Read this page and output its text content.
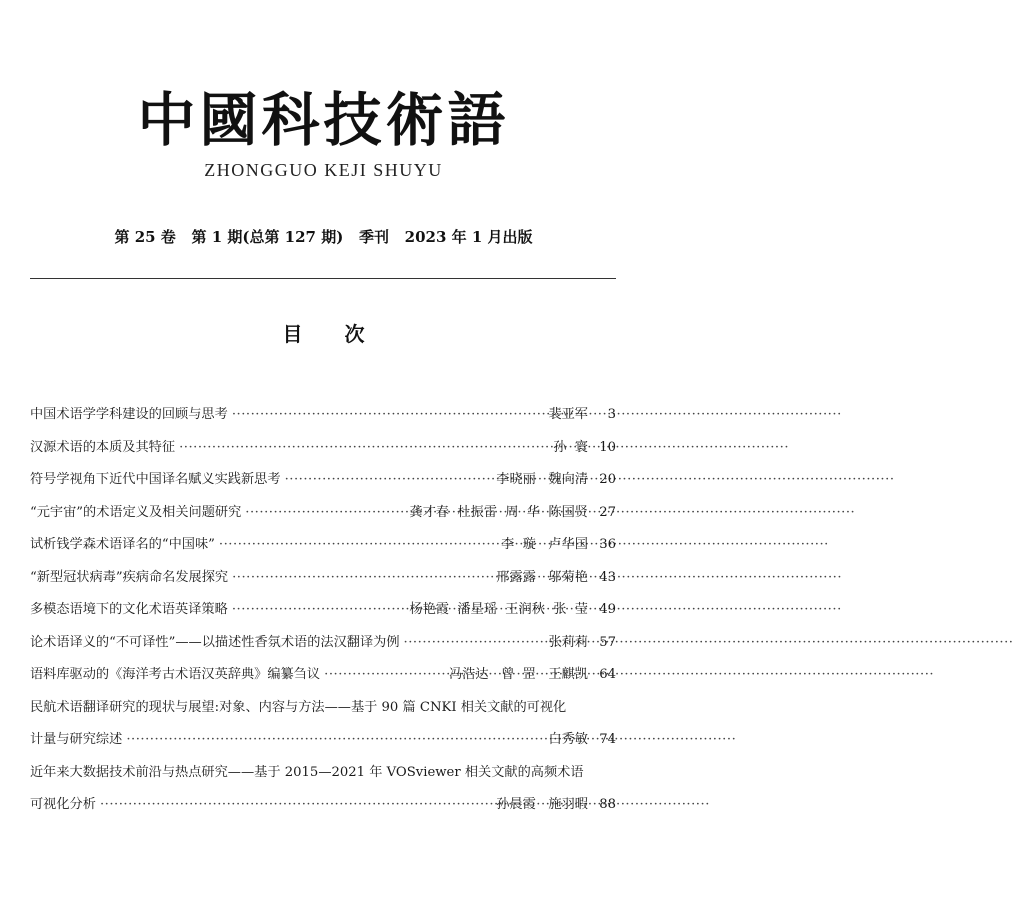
中國科技術語
ZHONGGUO KEJI SHUYU
第 25 卷   第 1 期(总第 127 期)   季刊   2023 年 1 月出版
目次
中国术语学学科建设的回顾与思考 ·····	裴亚军	3
汉源术语的本质及其特征 ·····	孙  寰 10
符号学视角下近代中国译名赋义实践新思考 ·····	李晓丽   魏向清 20
“元宇宙”的术语定义及相关问题研究 ·····	龚才春  杜振雷  周  华  陈国贤 27
试析钱学森术语译名的“中国味” ·····	李  璇   卢华国 36
“新型冠状病毒”疾病命名发展探究 ·····	邢露露   邬菊艳 43
多模态语境下的文化术语英译策略 ·····	杨艳霞  潘星瑶  王润秋  张  莹 49
论术语译义的“不可译性”——以描述性香氛术语的法汉翻译为例 ·····	张莉莉 57
语料库驱动的《海洋考古术语汉英辞典》编纂刍议 ·····	冯浩达   曾  罡   王麒凯 64
民航术语翻译研究的现状与展望:对象、内容与方法——基于 90 篇 CNKI 相关文献的可视化
计量与研究综述 ·····	白秀敏 74
近年来大数据技术前沿与热点研究——基于 2015—2021 年 VOSviewer 相关文献的高频术语
可视化分析 ·····	孙晨霞   施羽暇 88
